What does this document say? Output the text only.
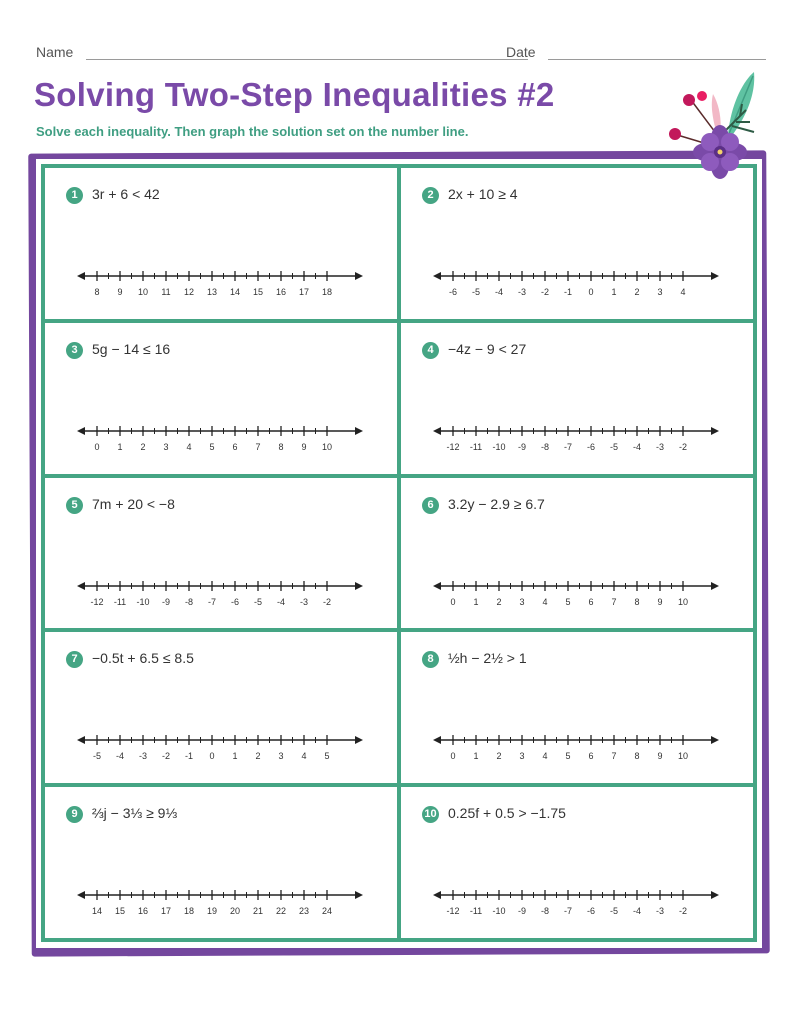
Name	Date
Solving Two-Step Inequalities #2
Solve each inequality. Then graph the solution set on the number line.
1	3r + 6 < 42
8 9 10 11 12 13 14 15 16 17 18
2	2x + 10 ≥ 4
-6 -5 -4 -3 -2 -1 0 1 2 3 4
3	5g − 14 ≤ 16
0 1 2 3 4 5 6 7 8 9 10
4	−4z − 9 < 27
-12 -11 -10 -9 -8 -7 -6 -5 -4 -3 -2
5	7m + 20 < −8
-12 -11 -10 -9 -8 -7 -6 -5 -4 -3 -2
6	3.2y − 2.9 ≥ 6.7
0 1 2 3 4 5 6 7 8 9 10
7	−0.5t + 6.5 ≤ 8.5
-5 -4 -3 -2 -1 0 1 2 3 4 5
8	½h − 2½ > 1
0 1 2 3 4 5 6 7 8 9 10
9	⅔j − 3⅓ ≥ 9⅓
14 15 16 17 18 19 20 21 22 23 24
10 0.25f + 0.5 > −1.75
-12 -11 -10 -9 -8 -7 -6 -5 -4 -3 -2
